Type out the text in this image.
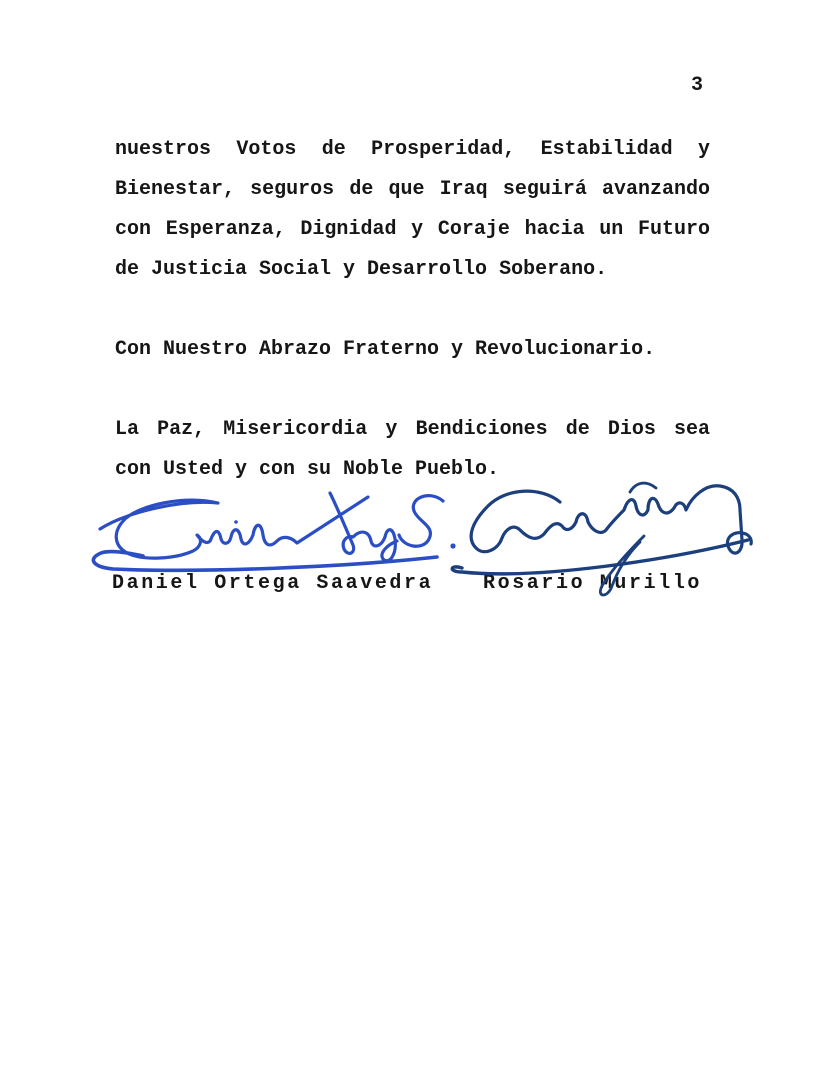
3

nuestros Votos de Prosperidad, Estabilidad y Bienestar, seguros de que Iraq seguirá avanzando con Esperanza, Dignidad y Coraje hacia un Futuro de Justicia Social y Desarrollo Soberano.

Con Nuestro Abrazo Fraterno y Revolucionario.

La Paz, Misericordia y Bendiciones de Dios sea con Usted y con su Noble Pueblo.

Daniel Ortega Saavedra Rosario Murillo
